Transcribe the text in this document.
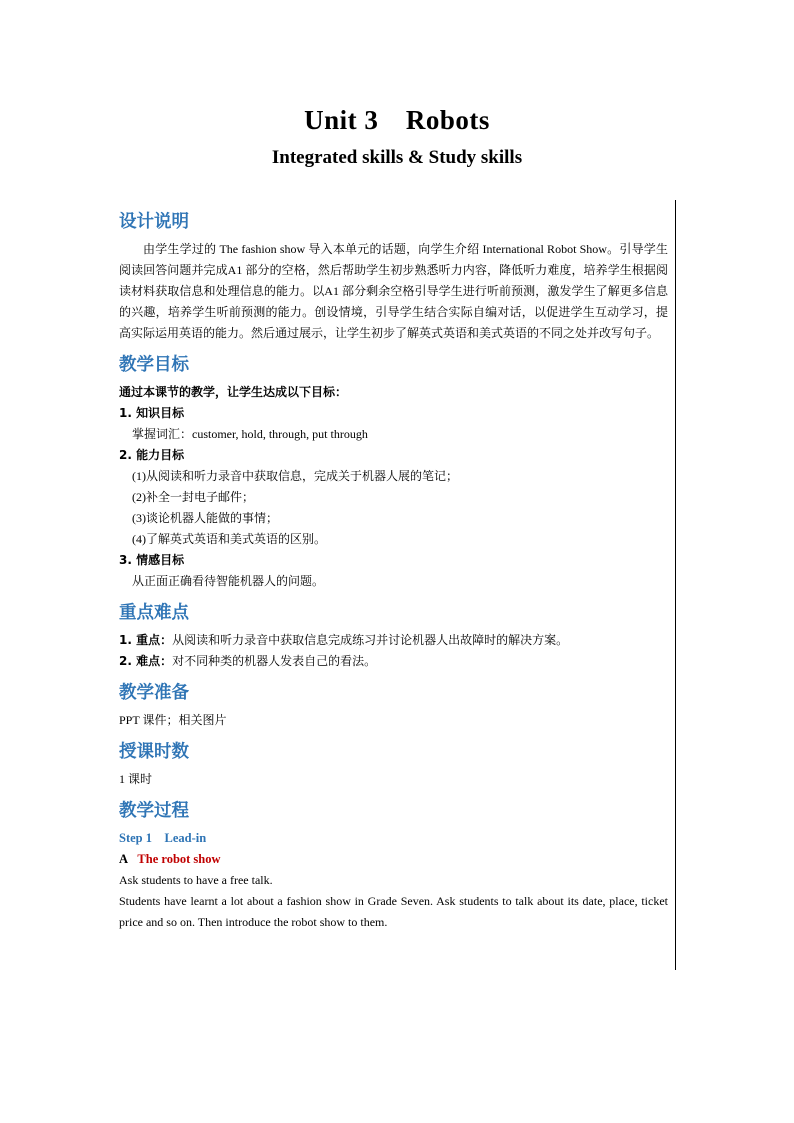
Unit 3　Robots
Integrated skills & Study skills
设计说明

由学生学过的 The fashion show 导入本单元的话题，向学生介绍 International Robot Show。引导学生阅读回答问题并完成A1 部分的空格，然后帮助学生初步熟悉听力内容，降低听力难度，培养学生根据阅读材料获取信息和处理信息的能力。以A1 部分剩余空格引导学生进行听前预测，激发学生了解更多信息的兴趣，培养学生听前预测的能力。创设情境，引导学生结合实际自编对话，以促进学生互动学习，提高实际运用英语的能力。然后通过展示，让学生初步了解英式英语和美式英语的不同之处并改写句子。

教学目标

通过本课节的教学，让学生达成以下目标：

1. 知识目标

掌握词汇：customer, hold, through, put through

2. 能力目标

(1)从阅读和听力录音中获取信息，完成关于机器人展的笔记；

(2)补全一封电子邮件；

(3)谈论机器人能做的事情；

(4)了解英式英语和美式英语的区别。

3. 情感目标

从正面正确看待智能机器人的问题。

重点难点

1. 重点：从阅读和听力录音中获取信息完成练习并讨论机器人出故障时的解决方案。

2. 难点：对不同种类的机器人发表自己的看法。

教学准备

PPT 课件；相关图片

授课时数

1 课时

教学过程

Step 1　Lead-in

A The robot show

Ask students to have a free talk.

Students have learnt a lot about a fashion show in Grade Seven. Ask students to talk about its date, place, ticket price and so on. Then introduce the robot show to them.
